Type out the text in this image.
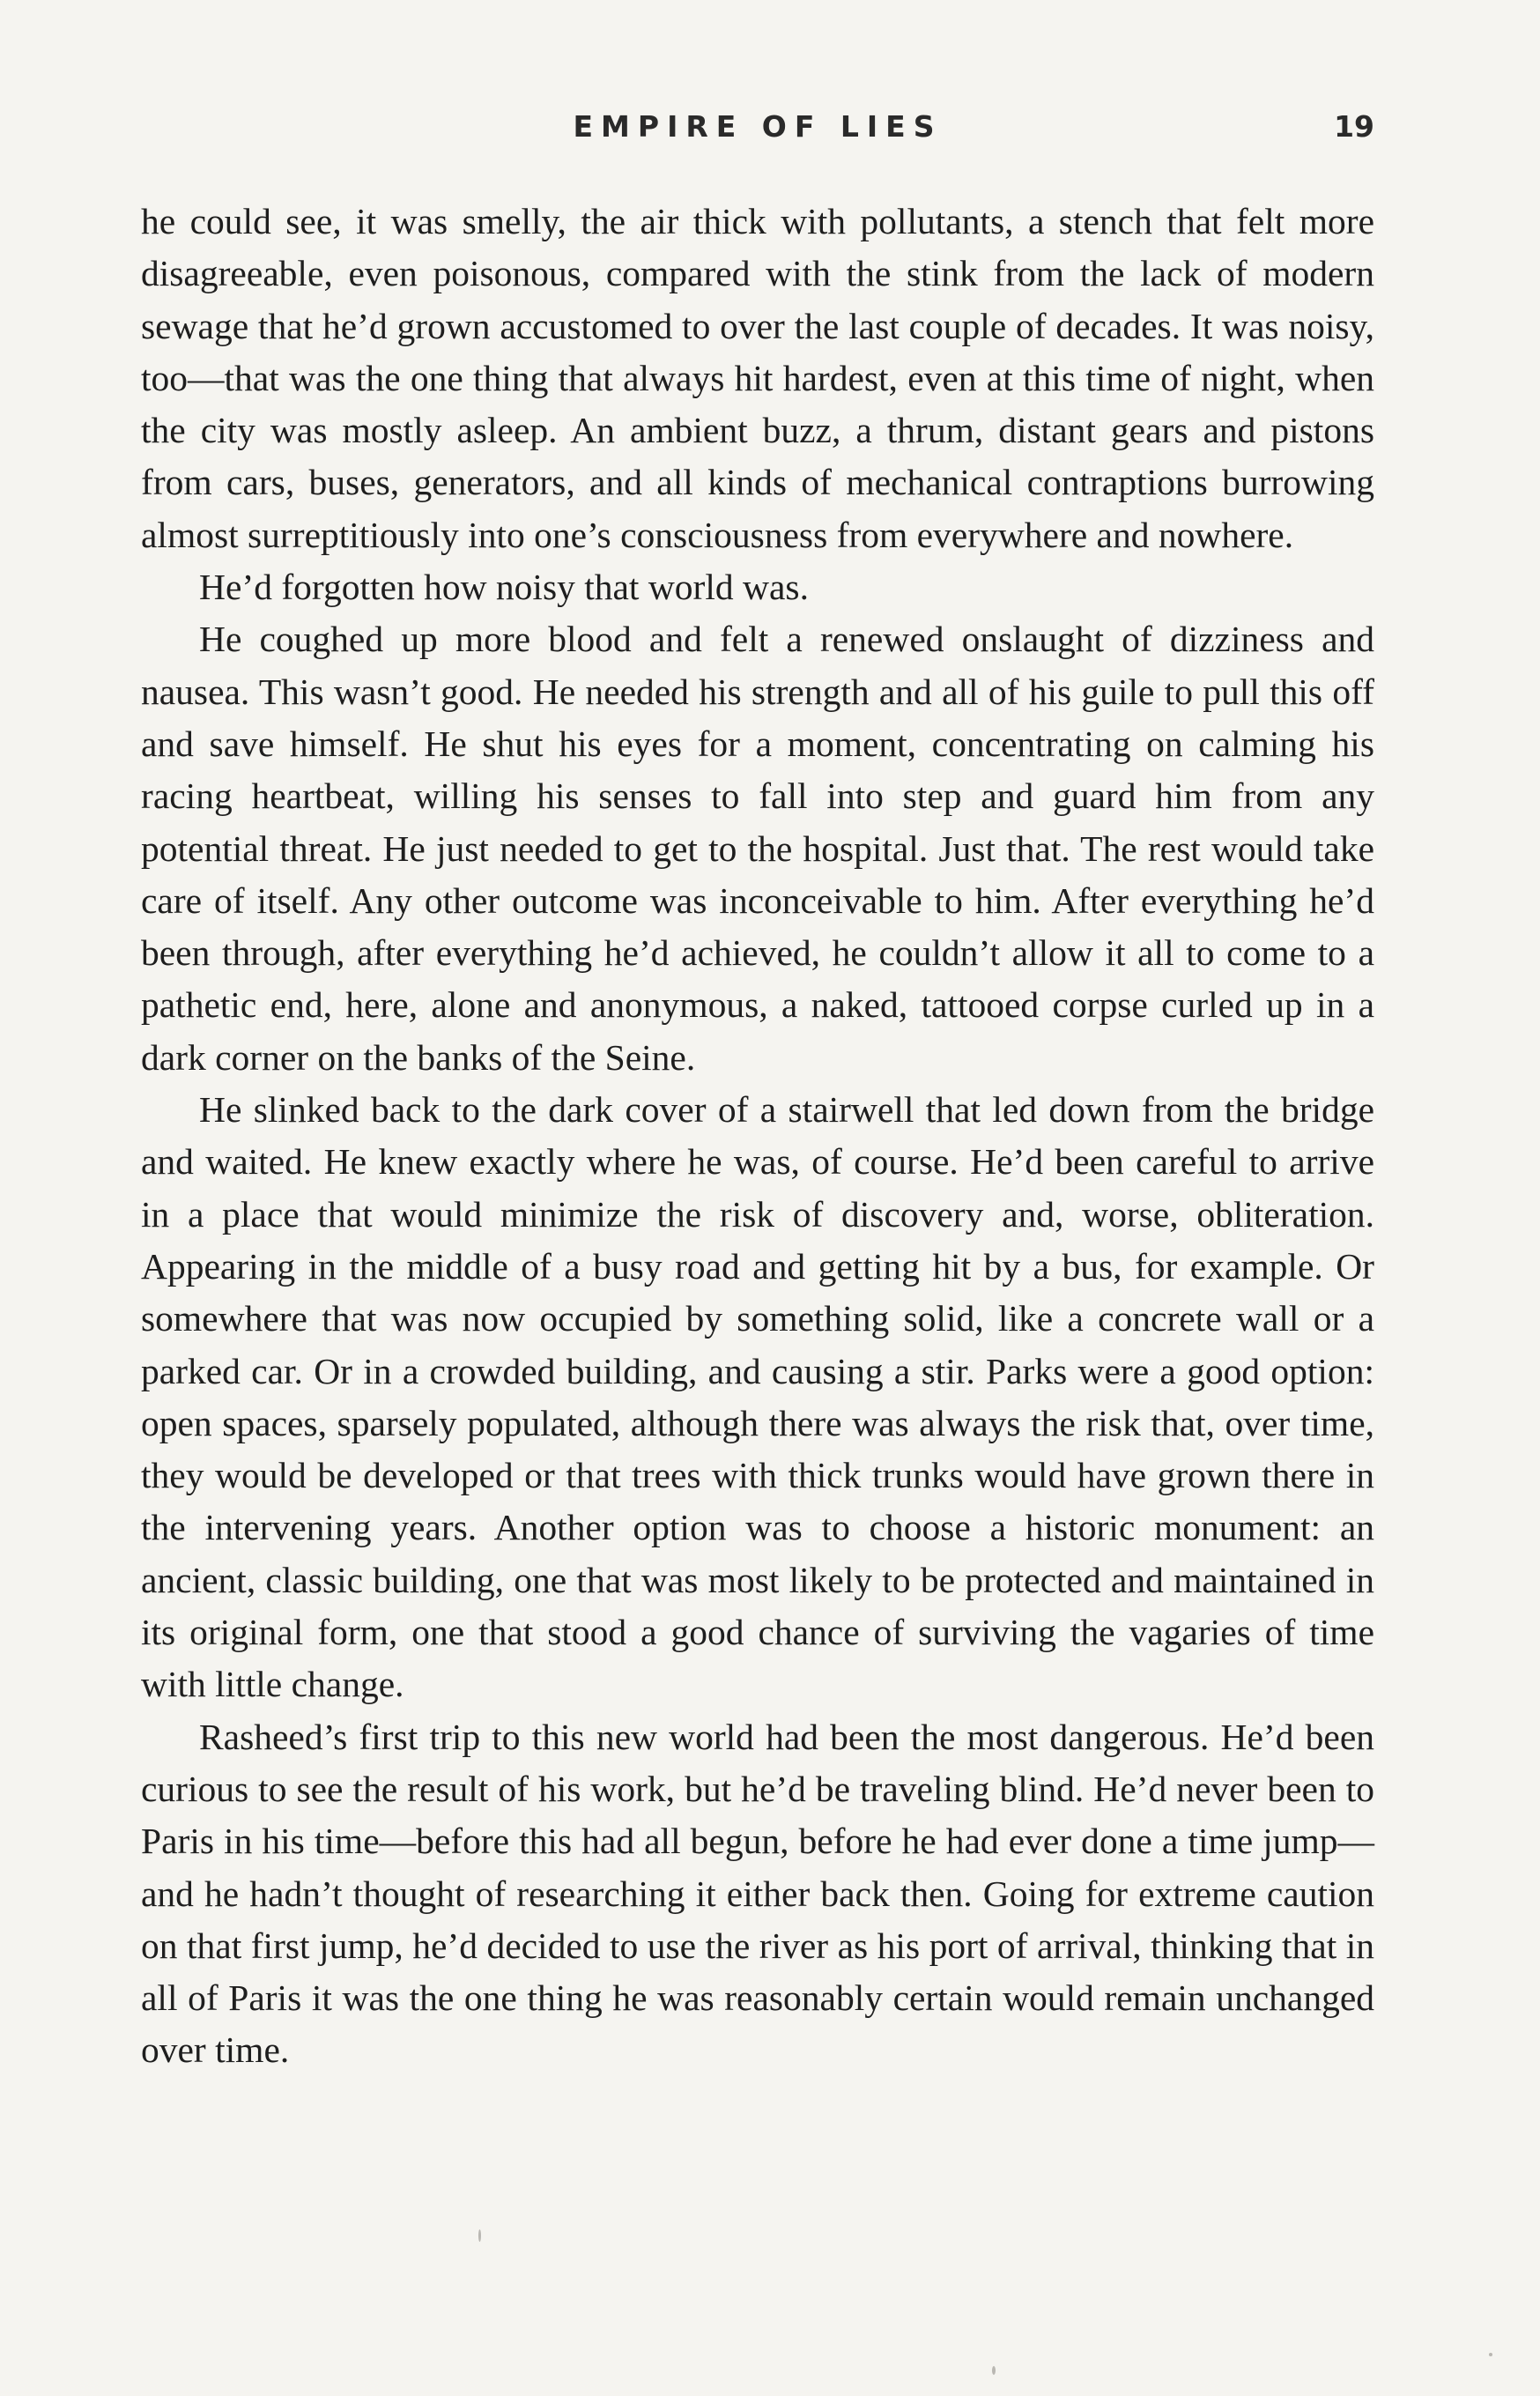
EMPIRE OF LIES	19

he could see, it was smelly, the air thick with pollutants, a stench that felt more disagreeable, even poisonous, compared with the stink from the lack of modern sewage that he’d grown accustomed to over the last couple of decades. It was noisy, too—that was the one thing that always hit hardest, even at this time of night, when the city was mostly asleep. An ambient buzz, a thrum, distant gears and pistons from cars, buses, generators, and all kinds of mechanical contraptions burrowing almost surreptitiously into one’s consciousness from everywhere and nowhere.

He’d forgotten how noisy that world was.

He coughed up more blood and felt a renewed onslaught of dizziness and nausea. This wasn’t good. He needed his strength and all of his guile to pull this off and save himself. He shut his eyes for a moment, concentrating on calming his racing heartbeat, willing his senses to fall into step and guard him from any potential threat. He just needed to get to the hospital. Just that. The rest would take care of itself. Any other outcome was inconceivable to him. After everything he’d been through, after everything he’d achieved, he couldn’t allow it all to come to a pathetic end, here, alone and anonymous, a naked, tattooed corpse curled up in a dark corner on the banks of the Seine.

He slinked back to the dark cover of a stairwell that led down from the bridge and waited. He knew exactly where he was, of course. He’d been careful to arrive in a place that would minimize the risk of discovery and, worse, obliteration. Appearing in the middle of a busy road and getting hit by a bus, for example. Or somewhere that was now occupied by something solid, like a concrete wall or a parked car. Or in a crowded building, and causing a stir. Parks were a good option: open spaces, sparsely populated, although there was always the risk that, over time, they would be developed or that trees with thick trunks would have grown there in the intervening years. Another option was to choose a historic monument: an ancient, classic building, one that was most likely to be protected and maintained in its original form, one that stood a good chance of surviving the vagaries of time with little change.

Rasheed’s first trip to this new world had been the most dangerous. He’d been curious to see the result of his work, but he’d be traveling blind. He’d never been to Paris in his time—before this had all begun, before he had ever done a time jump—and he hadn’t thought of researching it either back then. Going for extreme caution on that first jump, he’d decided to use the river as his port of arrival, thinking that in all of Paris it was the one thing he was reasonably certain would remain unchanged over time.
